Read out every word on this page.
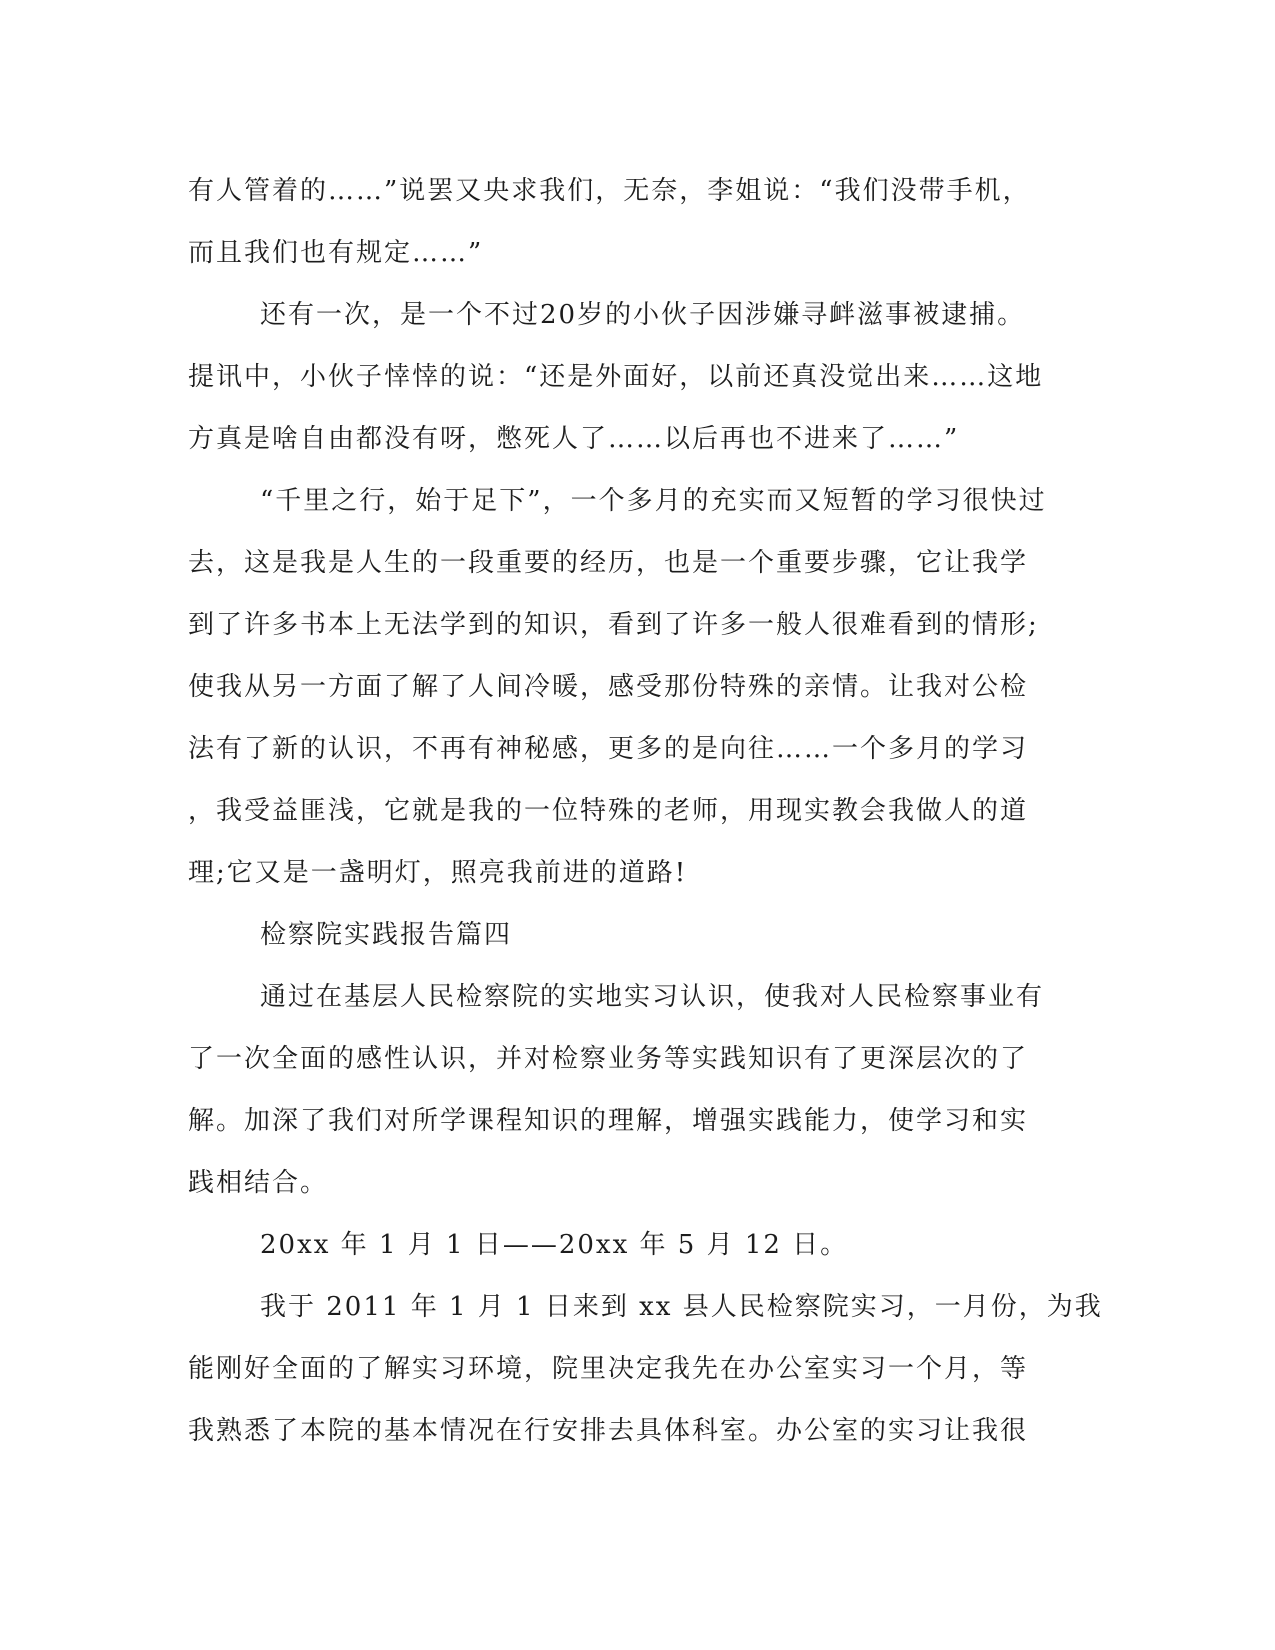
有人管着的……”说罢又央求我们，无奈，李姐说：“我们没带手机，
而且我们也有规定……”
还有一次，是一个不过20岁的小伙子因涉嫌寻衅滋事被逮捕。
提讯中，小伙子悻悻的说：“还是外面好，以前还真没觉出来……这地
方真是啥自由都没有呀，憋死人了……以后再也不进来了……”
“千里之行，始于足下”，一个多月的充实而又短暂的学习很快过
去，这是我是人生的一段重要的经历，也是一个重要步骤，它让我学
到了许多书本上无法学到的知识，看到了许多一般人很难看到的情形;
使我从另一方面了解了人间冷暖，感受那份特殊的亲情。让我对公检
法有了新的认识，不再有神秘感，更多的是向往……一个多月的学习
，我受益匪浅，它就是我的一位特殊的老师，用现实教会我做人的道
理;它又是一盏明灯，照亮我前进的道路!
检察院实践报告篇四
通过在基层人民检察院的实地实习认识，使我对人民检察事业有
了一次全面的感性认识，并对检察业务等实践知识有了更深层次的了
解。加深了我们对所学课程知识的理解，增强实践能力，使学习和实
践相结合。
20xx 年 1 月 1 日——20xx 年 5 月 12 日。
我于 2011 年 1 月 1 日来到 xx 县人民检察院实习，一月份，为我
能刚好全面的了解实习环境，院里决定我先在办公室实习一个月，等
我熟悉了本院的基本情况在行安排去具体科室。办公室的实习让我很
